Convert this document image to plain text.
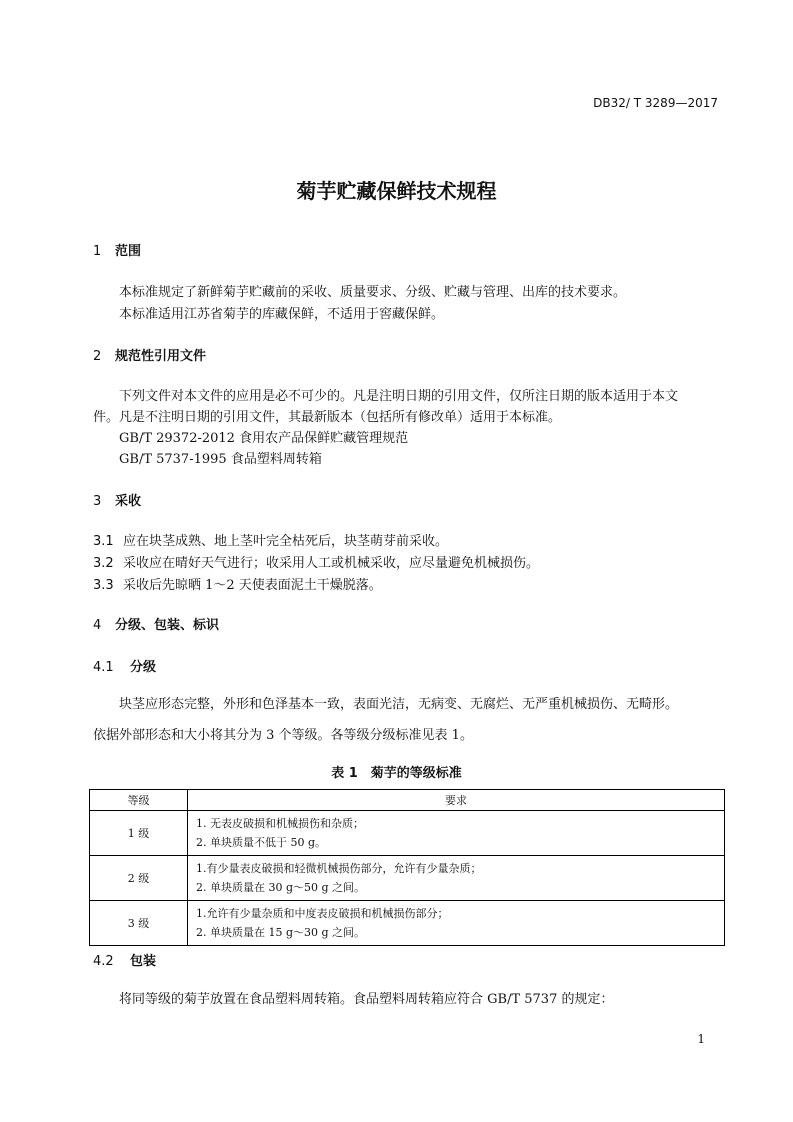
DB32/ T 3289—2017
菊芋贮藏保鲜技术规程
1 范围
本标准规定了新鲜菊芋贮藏前的采收、质量要求、分级、贮藏与管理、出库的技术要求。
本标准适用江苏省菊芋的库藏保鲜，不适用于窖藏保鲜。
2 规范性引用文件
下列文件对本文件的应用是必不可少的。凡是注明日期的引用文件，仅所注日期的版本适用于本文
件。凡是不注明日期的引用文件，其最新版本（包括所有修改单）适用于本标准。
GB/T 29372-2012 食用农产品保鲜贮藏管理规范
GB/T 5737-1995 食品塑料周转箱
3 采收
3.1 应在块茎成熟、地上茎叶完全枯死后，块茎萌芽前采收。
3.2 采收应在晴好天气进行；收采用人工或机械采收，应尽量避免机械损伤。
3.3 采收后先晾晒 1～2 天使表面泥土干燥脱落。
4 分级、包装、标识
4.1 分级
块茎应形态完整，外形和色泽基本一致，表面光洁，无病变、无腐烂、无严重机械损伤、无畸形。
依据外部形态和大小将其分为 3 个等级。各等级分级标准见表 1。
表 1　菊芋的等级标准
等级	要求
1 级	1. 无表皮破损和机械损伤和杂质；
2. 单块质量不低于 50 g。

2 级	1.有少量表皮破损和轻微机械损伤部分，允许有少量杂质；
2. 单块质量在 30 g～50 g 之间。

3 级	1.允许有少量杂质和中度表皮破损和机械损伤部分；
2. 单块质量在 15 g～30 g 之间。
4.2 包装
将同等级的菊芋放置在食品塑料周转箱。食品塑料周转箱应符合 GB/T 5737 的规定：
1
